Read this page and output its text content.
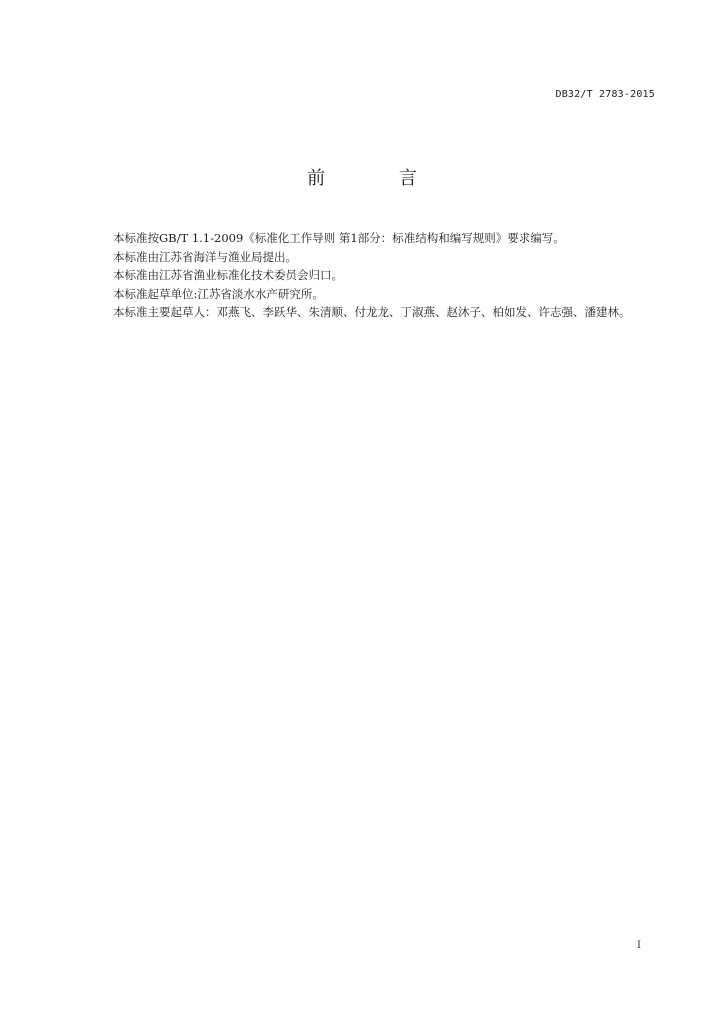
DB32/T 2783-2015
前 言

本标准按GB/T 1.1-2009《标准化工作导则 第1部分：标准结构和编写规则》要求编写。

本标准由江苏省海洋与渔业局提出。

本标准由江苏省渔业标准化技术委员会归口。

本标准起草单位:江苏省淡水水产研究所。

本标准主要起草人：邓燕飞、李跃华、朱清顺、付龙龙、丁淑燕、赵沐子、柏如发、许志强、潘建林。

I
